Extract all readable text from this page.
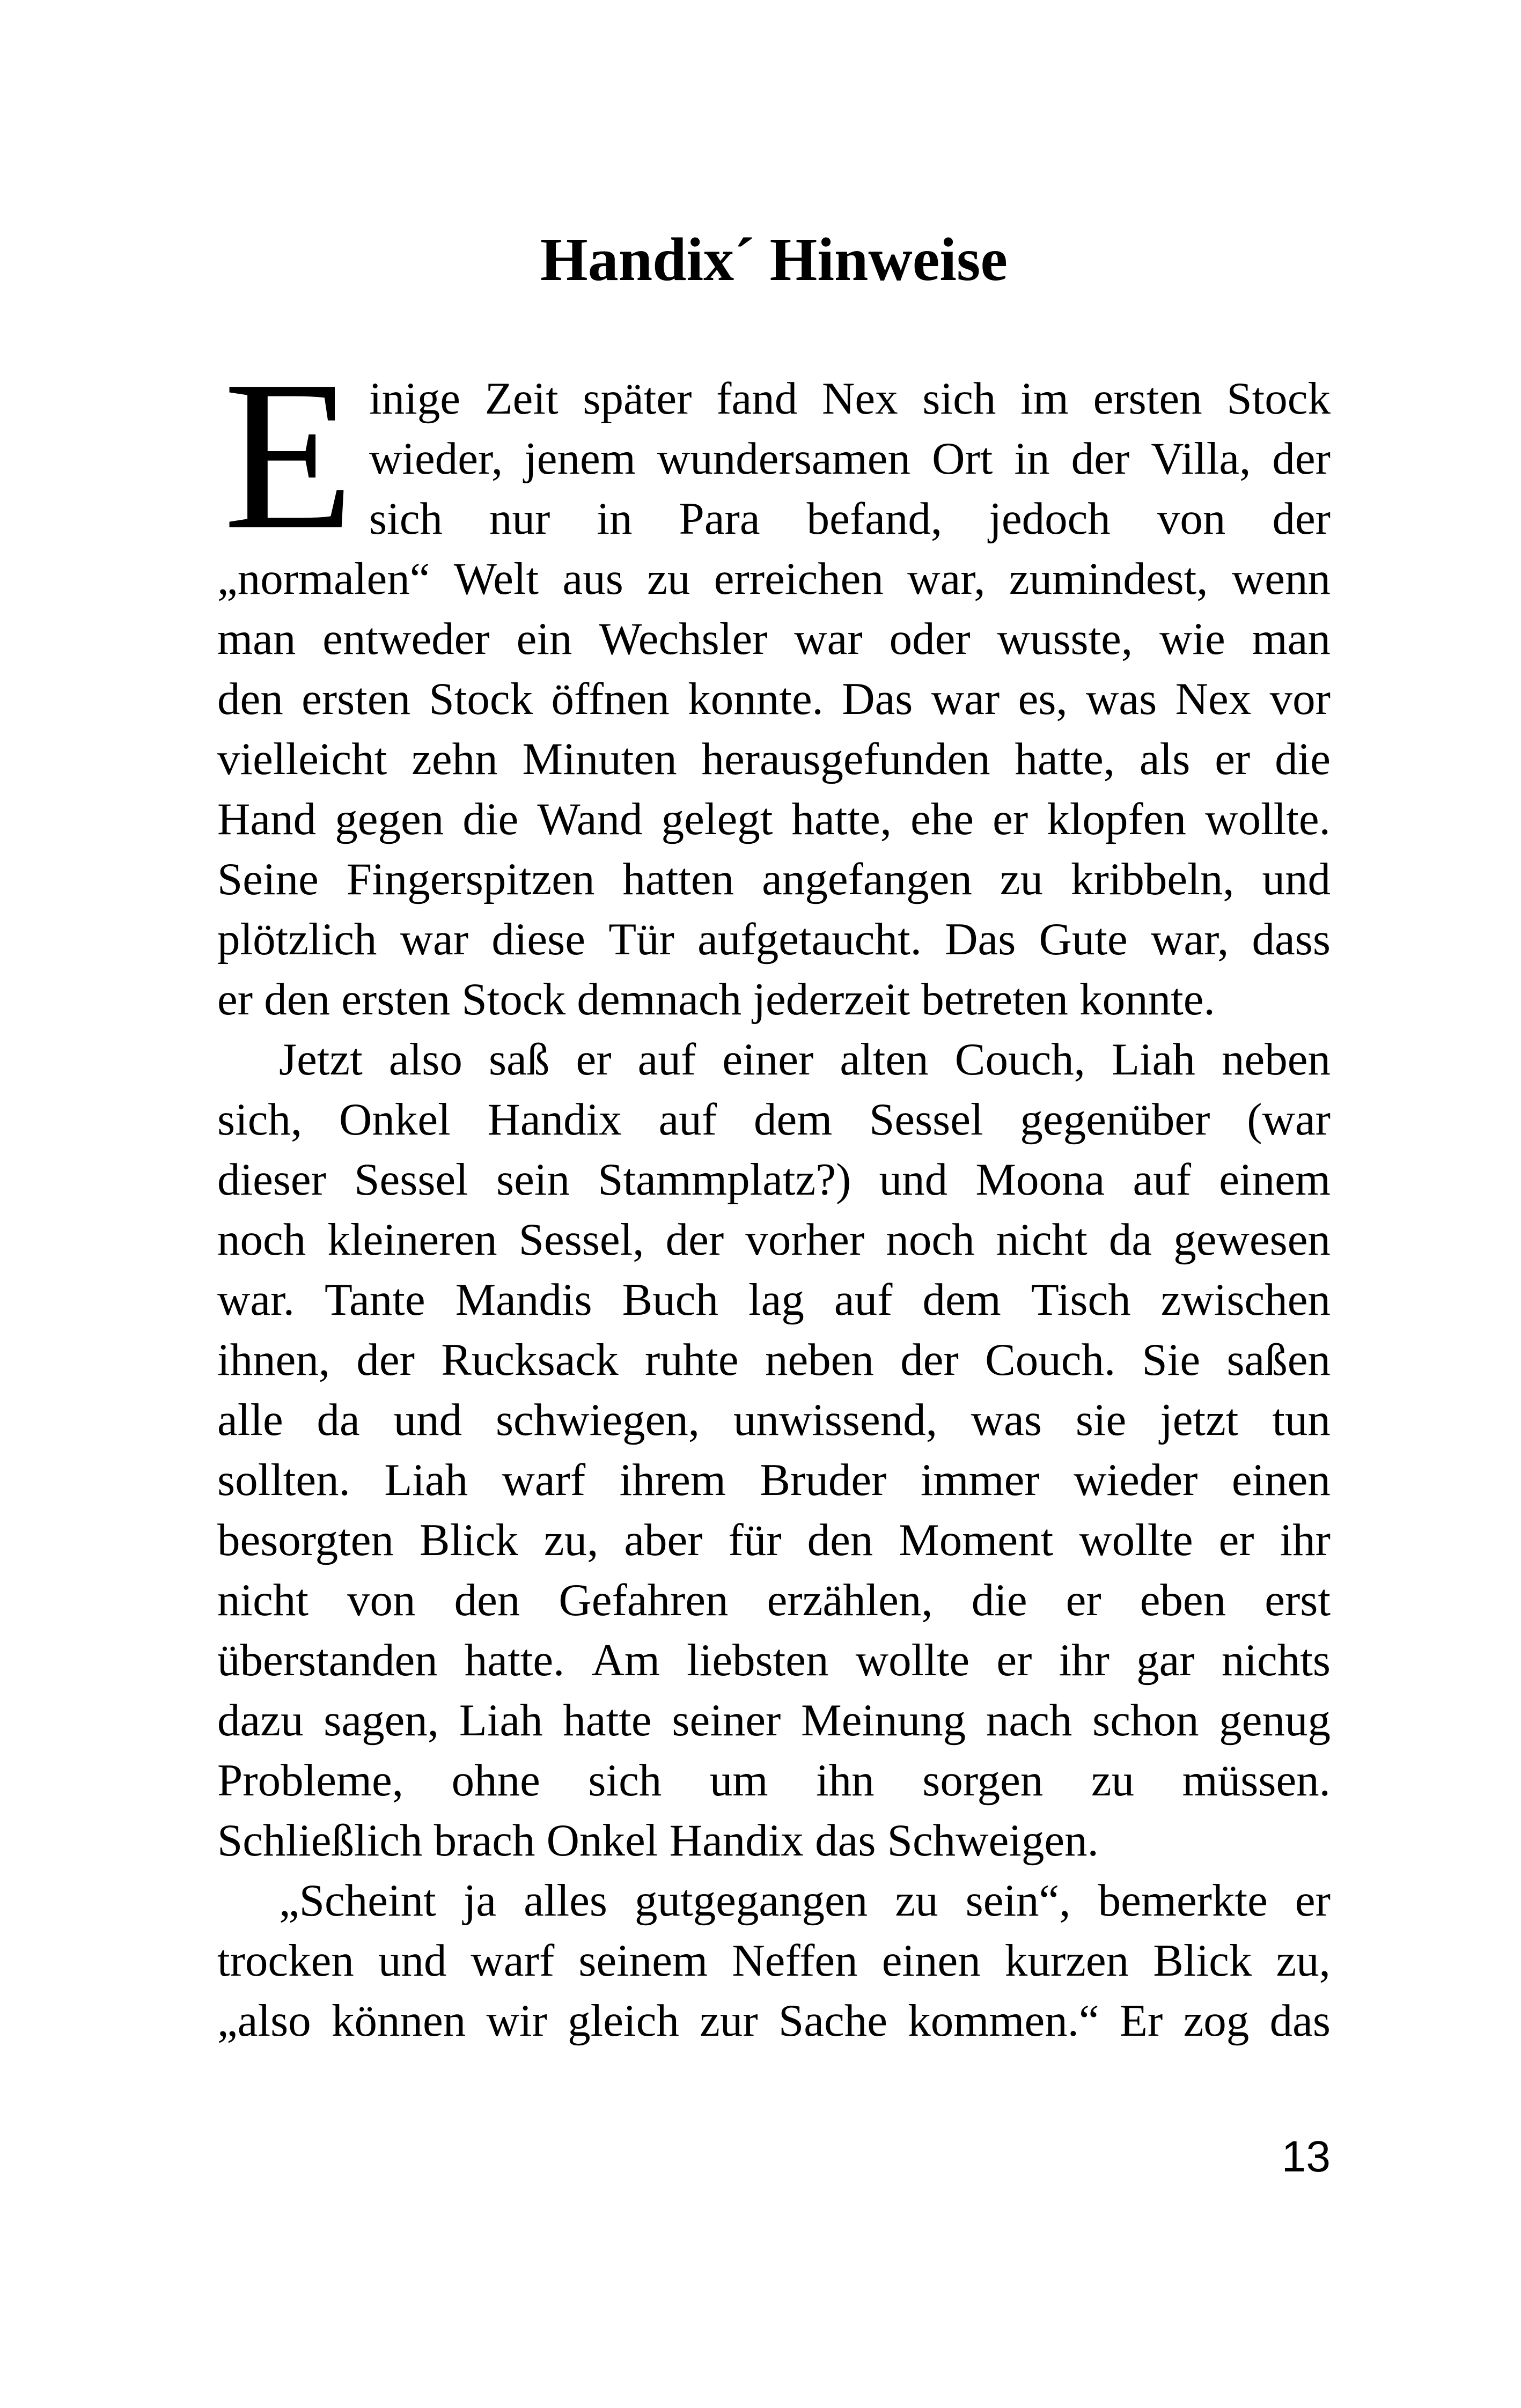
Handix´ Hinweise
E inige Zeit später fand Nex sich im ersten Stock
wieder, jenem wundersamen Ort in der Villa, der
sich nur in Para befand, jedoch von der
„normalen“ Welt aus zu erreichen war, zumindest, wenn
man entweder ein Wechsler war oder wusste, wie man
den ersten Stock öffnen konnte. Das war es, was Nex vor
vielleicht zehn Minuten herausgefunden hatte, als er die
Hand gegen die Wand gelegt hatte, ehe er klopfen wollte.
Seine Fingerspitzen hatten angefangen zu kribbeln, und
plötzlich war diese Tür aufgetaucht. Das Gute war, dass
er den ersten Stock demnach jederzeit betreten konnte.
Jetzt also saß er auf einer alten Couch, Liah neben
sich, Onkel Handix auf dem Sessel gegenüber (war
dieser Sessel sein Stammplatz?) und Moona auf einem
noch kleineren Sessel, der vorher noch nicht da gewesen
war. Tante Mandis Buch lag auf dem Tisch zwischen
ihnen, der Rucksack ruhte neben der Couch. Sie saßen
alle da und schwiegen, unwissend, was sie jetzt tun
sollten. Liah warf ihrem Bruder immer wieder einen
besorgten Blick zu, aber für den Moment wollte er ihr
nicht von den Gefahren erzählen, die er eben erst
überstanden hatte. Am liebsten wollte er ihr gar nichts
dazu sagen, Liah hatte seiner Meinung nach schon genug
Probleme, ohne sich um ihn sorgen zu müssen.
Schließlich brach Onkel Handix das Schweigen.
„Scheint ja alles gutgegangen zu sein“, bemerkte er
trocken und warf seinem Neffen einen kurzen Blick zu,
„also können wir gleich zur Sache kommen.“ Er zog das
13
